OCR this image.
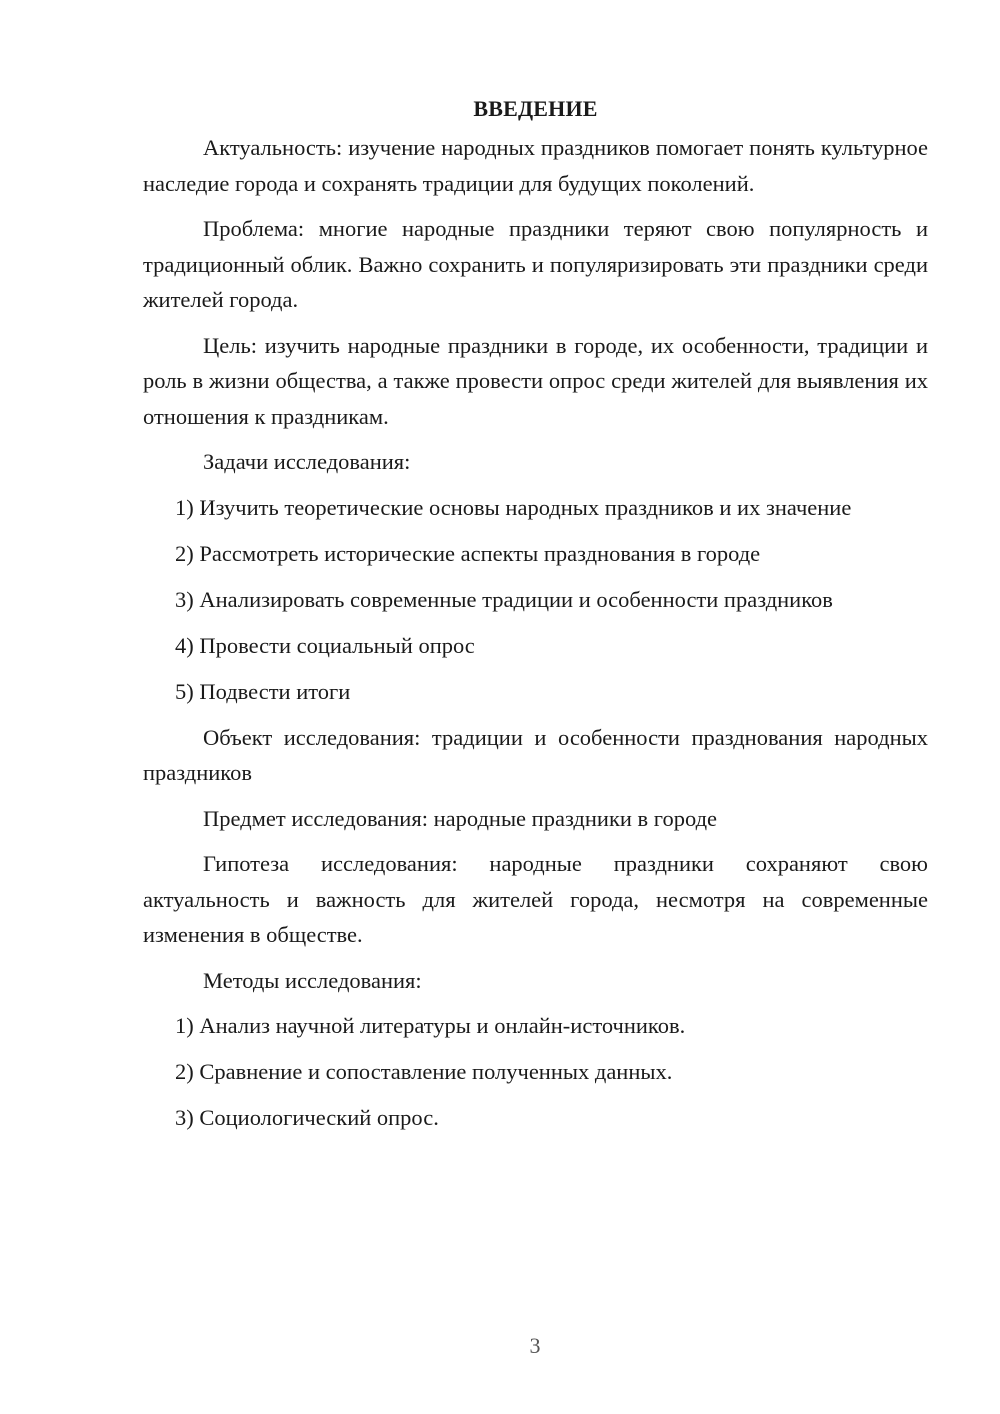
ВВЕДЕНИЕ

Актуальность: изучение народных праздников помогает понять культурное наследие города и сохранять традиции для будущих поколений.

Проблема: многие народные праздники теряют свою популярность и традиционный облик. Важно сохранить и популяризировать эти праздники среди жителей города.

Цель: изучить народные праздники в городе, их особенности, традиции и роль в жизни общества, а также провести опрос среди жителей для выявления их отношения к праздникам.

Задачи исследования:

1) Изучить теоретические основы народных праздников и их значение
2) Рассмотреть исторические аспекты празднования в городе
3) Анализировать современные традиции и особенности праздников
4) Провести социальный опрос
5) Подвести итоги

Объект исследования: традиции и особенности празднования народных праздников

Предмет исследования: народные праздники в городе

Гипотеза исследования: народные праздники сохраняют свою актуальность и важность для жителей города, несмотря на современные изменения в обществе.

Методы исследования:

1) Анализ научной литературы и онлайн-источников.
2) Сравнение и сопоставление полученных данных.
3) Социологический опрос.
3
